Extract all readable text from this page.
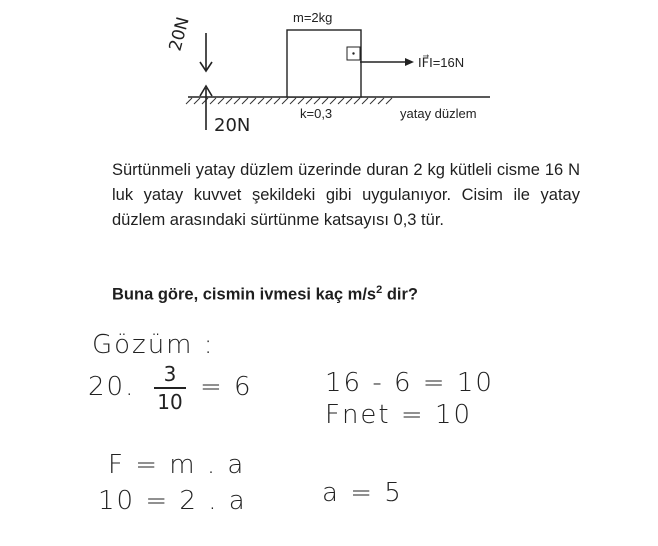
m=2kg
IF⃗I=16N
k=0,3	yatay düzlem
20N
20N
Sürtünmeli yatay düzlem üzerinde duran 2 kg kütleli cisme 16 N luk yatay kuvvet şekildeki gibi uygulanıyor. Cisim ile yatay düzlem arasındaki sürtünme katsayısı 0,3 tür.
Buna göre, cismin ivmesi kaç $m/s^2$ dir?
Gözüm :
20.	3
10 = 6	16 - 6 = 10
Fnet = 10
F = m . a
10 = 2 . a	a = 5
